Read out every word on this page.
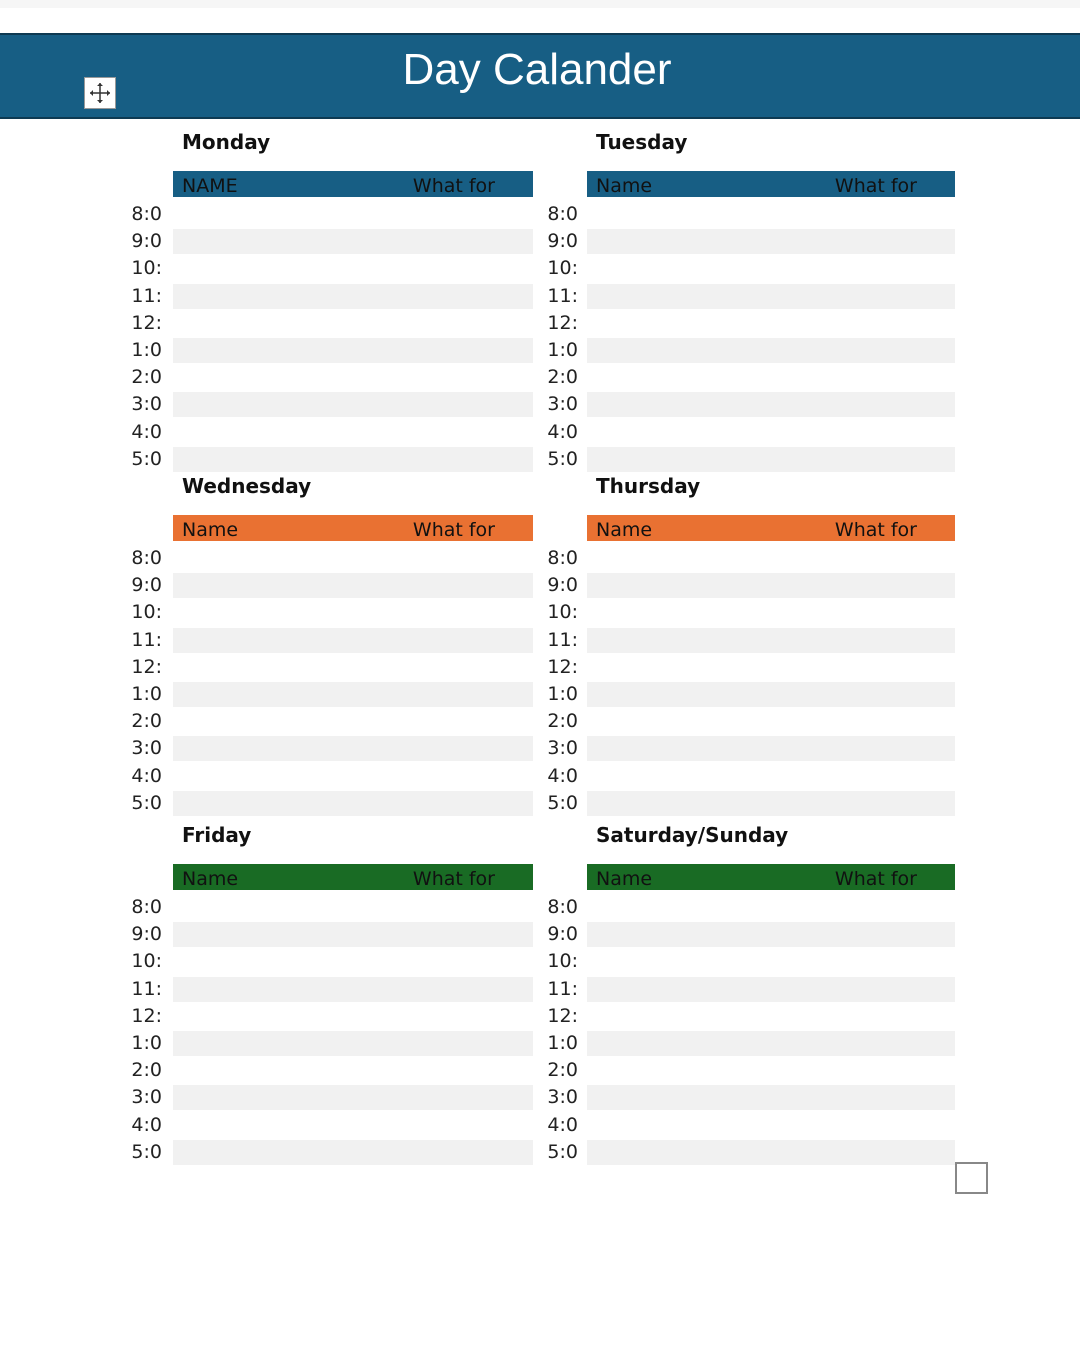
Day Calander
Monday
NAME	What for
8:0
9:0
10:
11:
12:
1:0
2:0
3:0
4:0
5:0
Tuesday
Name	What for
8:0
9:0
10:
11:
12:
1:0
2:0
3:0
4:0
5:0
Wednesday
Name	What for
8:0
9:0
10:
11:
12:
1:0
2:0
3:0
4:0
5:0
Thursday
Name	What for
8:0
9:0
10:
11:
12:
1:0
2:0
3:0
4:0
5:0
Friday
Name	What for
8:0
9:0
10:
11:
12:
1:0
2:0
3:0
4:0
5:0
Saturday/Sunday
Name	What for
8:0
9:0
10:
11:
12:
1:0
2:0
3:0
4:0
5:0
